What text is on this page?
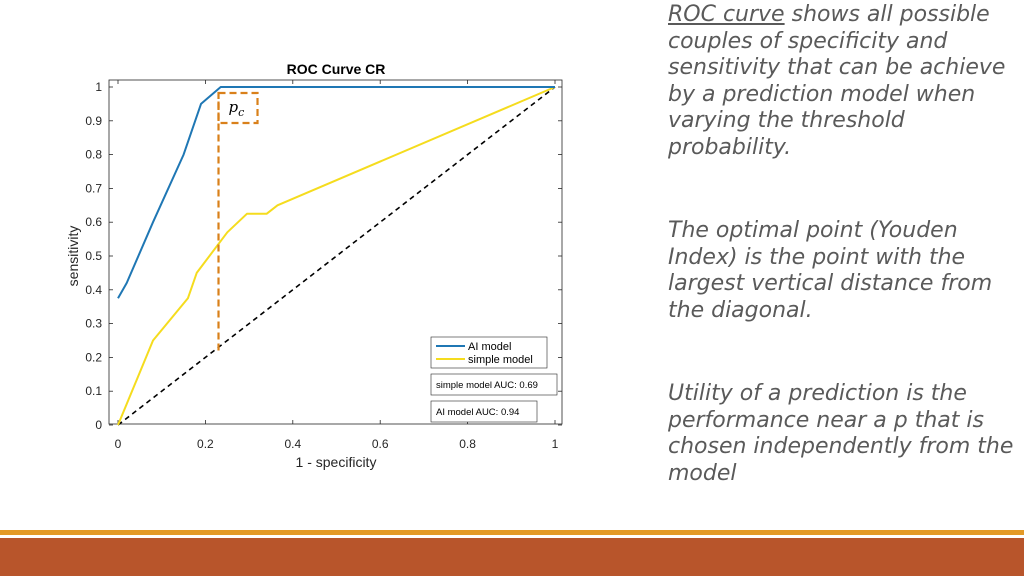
ROC Curve CR
1 - specificity
sensitivity
0	0.2	0.4	0.6	0.8	1
0
0.1
0.2
0.3
0.4
0.5
0.6
0.7
0.8
0.9
1
$p_c$
AI model
simple model
simple model AUC: 0.69
AI model AUC: 0.94

ROC curve shows all possible couples of specificity and sensitivity that can be achieve by a prediction model when varying the threshold probability.

The optimal point (Youden Index) is the point with the largest vertical distance from the diagonal.

Utility of a prediction is the performance near a p that is chosen independently from the model
